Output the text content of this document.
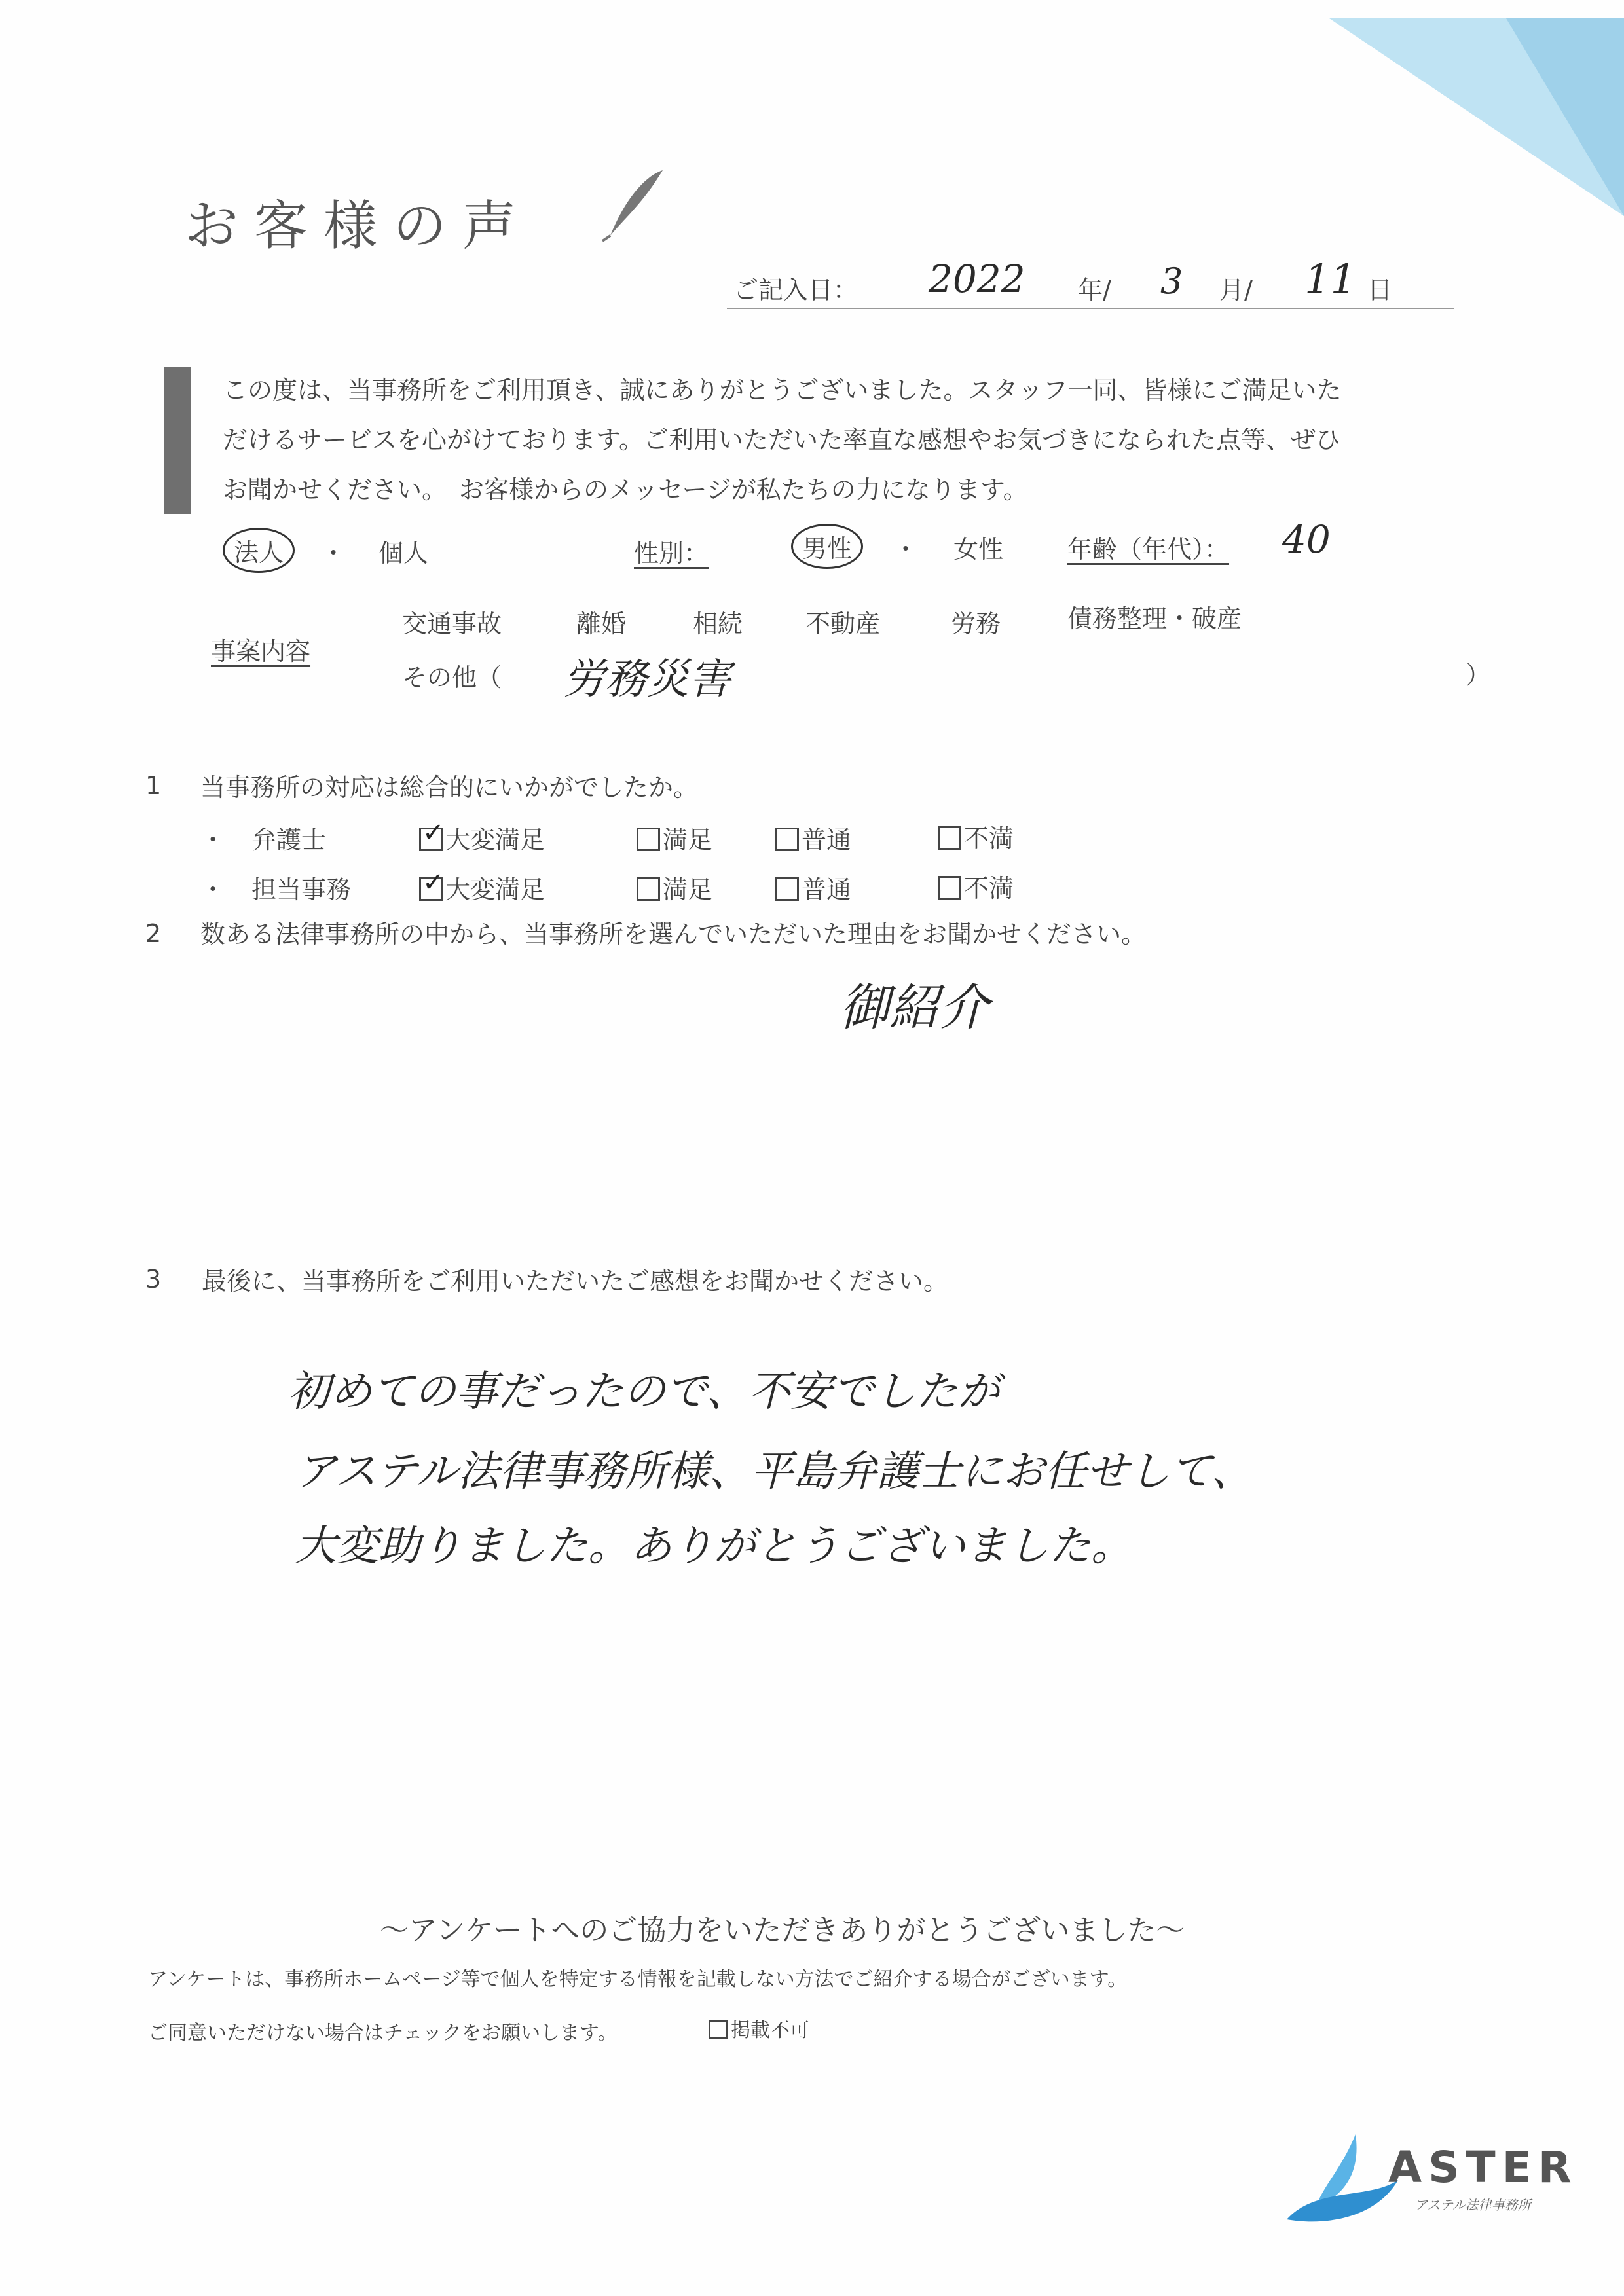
お客様の声
ご記入日： 2022 年/ 3 月/ 11 日
この度は、当事務所をご利用頂き、誠にありがとうございました。スタッフ一同、皆様にご満足いた
だけるサービスを心がけております。ご利用いただいた率直な感想やお気づきになられた点等、ぜひ
お聞かせください。　お客様からのメッセージが私たちの力になります。
法人	・ 個人	性別：	男性	・ 女性	年齢（年代）： 40
事案内容
交通事故	離婚	相続	不動産	労務	債務整理・破産
その他（ 労務災害	）
1 当事務所の対応は総合的にいかがでしたか。
・ 弁護士 ✓	大変満足	満足	普通	不満
・ 担当事務 ✓	大変満足	満足	普通	不満
2 数ある法律事務所の中から、当事務所を選んでいただいた理由をお聞かせください。
御紹介
3 最後に、当事務所をご利用いただいたご感想をお聞かせください。
初めての事だったので、不安でしたが
アステル法律事務所様、平島弁護士にお任せして、
大変助りました。ありがとうございました。
～アンケートへのご協力をいただきありがとうございました～
アンケートは、事務所ホームページ等で個人を特定する情報を記載しない方法でご紹介する場合がございます。
ご同意いただけない場合はチェックをお願いします。	掲載不可
ASTER
アステル法律事務所
